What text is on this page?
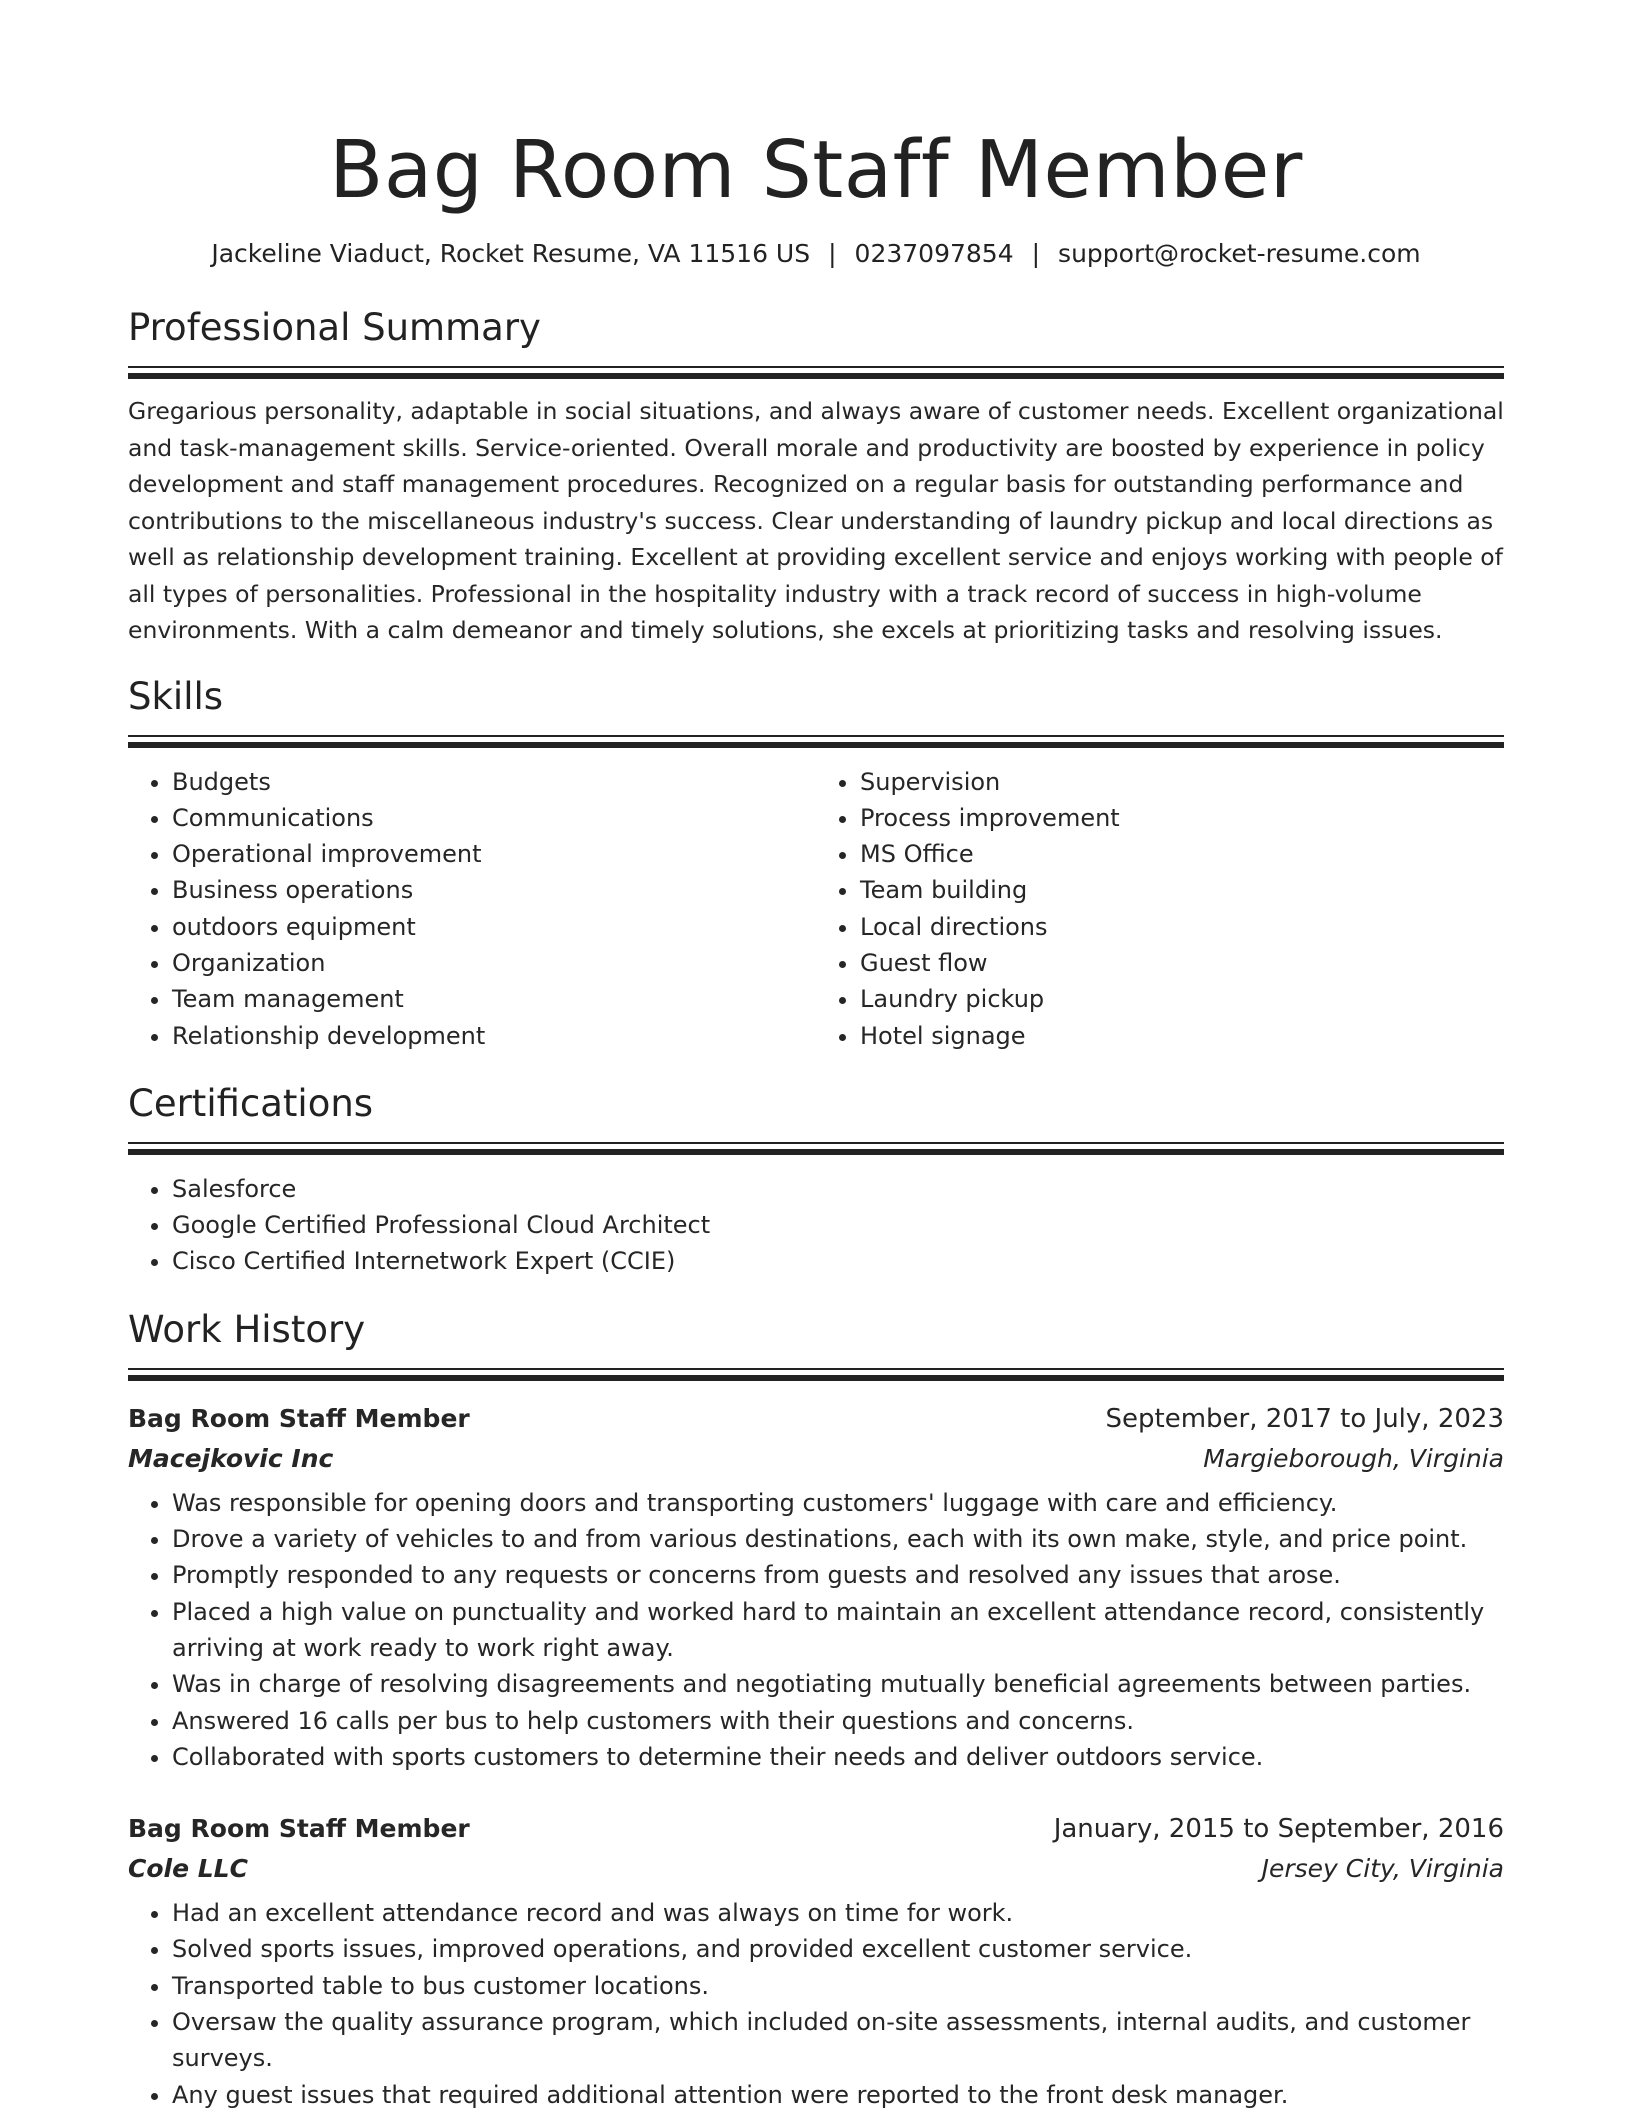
Bag Room Staff Member
Jackeline Viaduct, Rocket Resume, VA 11516 US | 0237097854 | support@rocket-resume.com
Professional Summary

Gregarious personality, adaptable in social situations, and always aware of customer needs. Excellent organizational and task-management skills. Service-oriented. Overall morale and productivity are boosted by experience in policy development and staff management procedures. Recognized on a regular basis for outstanding performance and contributions to the miscellaneous industry's success. Clear understanding of laundry pickup and local directions as well as relationship development training. Excellent at providing excellent service and enjoys working with people of all types of personalities. Professional in the hospitality industry with a track record of success in high-volume environments. With a calm demeanor and timely solutions, she excels at prioritizing tasks and resolving issues.

Skills
• Budgets
• Communications
• Operational improvement
• Business operations
• outdoors equipment
• Organization
• Team management
• Relationship development
• Supervision
• Process improvement
• MS Office
• Team building
• Local directions
• Guest flow
• Laundry pickup
• Hotel signage
Certifications
• Salesforce
• Google Certified Professional Cloud Architect
• Cisco Certified Internetwork Expert (CCIE)
Work History
Bag Room Staff Member	September, 2017 to July, 2023
Macejkovic Inc	Margieborough, Virginia
• Was responsible for opening doors and transporting customers' luggage with care and efficiency.
• Drove a variety of vehicles to and from various destinations, each with its own make, style, and price point.
• Promptly responded to any requests or concerns from guests and resolved any issues that arose.
• Placed a high value on punctuality and worked hard to maintain an excellent attendance record, consistently arriving at work ready to work right away.
• Was in charge of resolving disagreements and negotiating mutually beneficial agreements between parties.
• Answered 16 calls per bus to help customers with their questions and concerns.
• Collaborated with sports customers to determine their needs and deliver outdoors service.
Bag Room Staff Member	January, 2015 to September, 2016
Cole LLC	Jersey City, Virginia
• Had an excellent attendance record and was always on time for work.
• Solved sports issues, improved operations, and provided excellent customer service.
• Transported table to bus customer locations.
• Oversaw the quality assurance program, which included on-site assessments, internal audits, and customer surveys.
• Any guest issues that required additional attention were reported to the front desk manager.
